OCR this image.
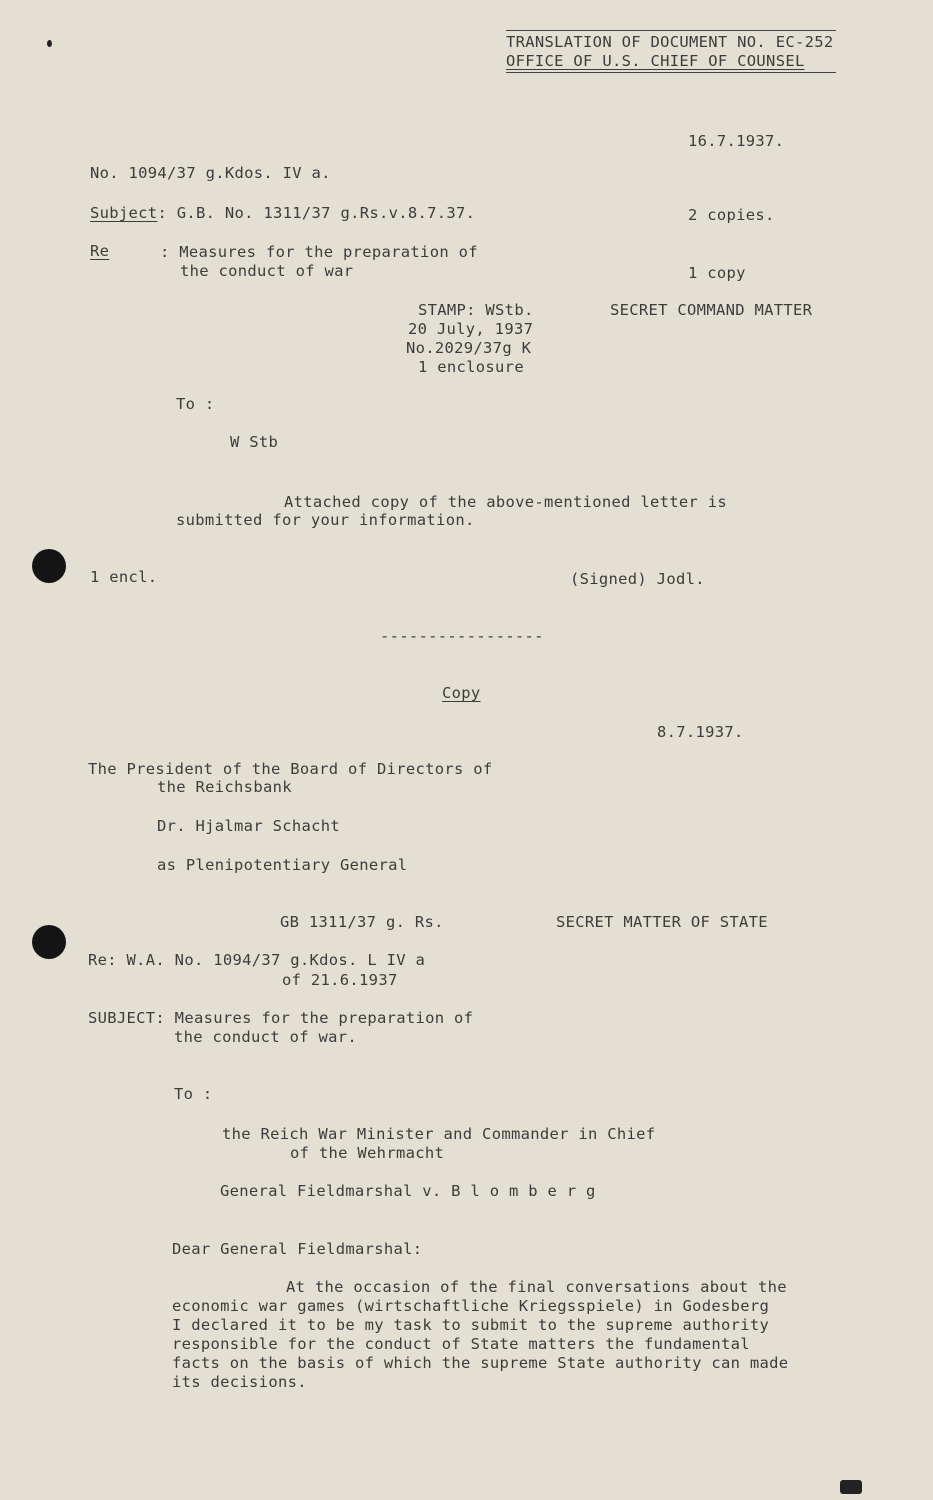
TRANSLATION OF DOCUMENT NO. EC-252
OFFICE OF U.S. CHIEF OF COUNSEL
16.7.1937.
No. 1094/37 g.Kdos. IV a.
Subject: G.B. No. 1311/37 g.Rs.v.8.7.37.	2 copies.
Re	: Measures for the preparation of
the conduct of war	1 copy
STAMP: WStb.	SECRET COMMAND MATTER
20 July, 1937
No.2029/37g K
1 enclosure
To :
W Stb
Attached copy of the above-mentioned letter is
submitted for your information.
1 encl.	(Signed) Jodl.
-----------------
Copy
8.7.1937.
The President of the Board of Directors of
the Reichsbank
Dr. Hjalmar Schacht
as Plenipotentiary General
GB 1311/37 g. Rs.	SECRET MATTER OF STATE
Re: W.A. No. 1094/37 g.Kdos. L IV a
of 21.6.1937
SUBJECT: Measures for the preparation of
the conduct of war.
To :
the Reich War Minister and Commander in Chief
of the Wehrmacht
General Fieldmarshal v. B l o m b e r g
Dear General Fieldmarshal:
At the occasion of the final conversations about the
economic war games (wirtschaftliche Kriegsspiele) in Godesberg
I declared it to be my task to submit to the supreme authority
responsible for the conduct of State matters the fundamental
facts on the basis of which the supreme State authority can made
its decisions.
